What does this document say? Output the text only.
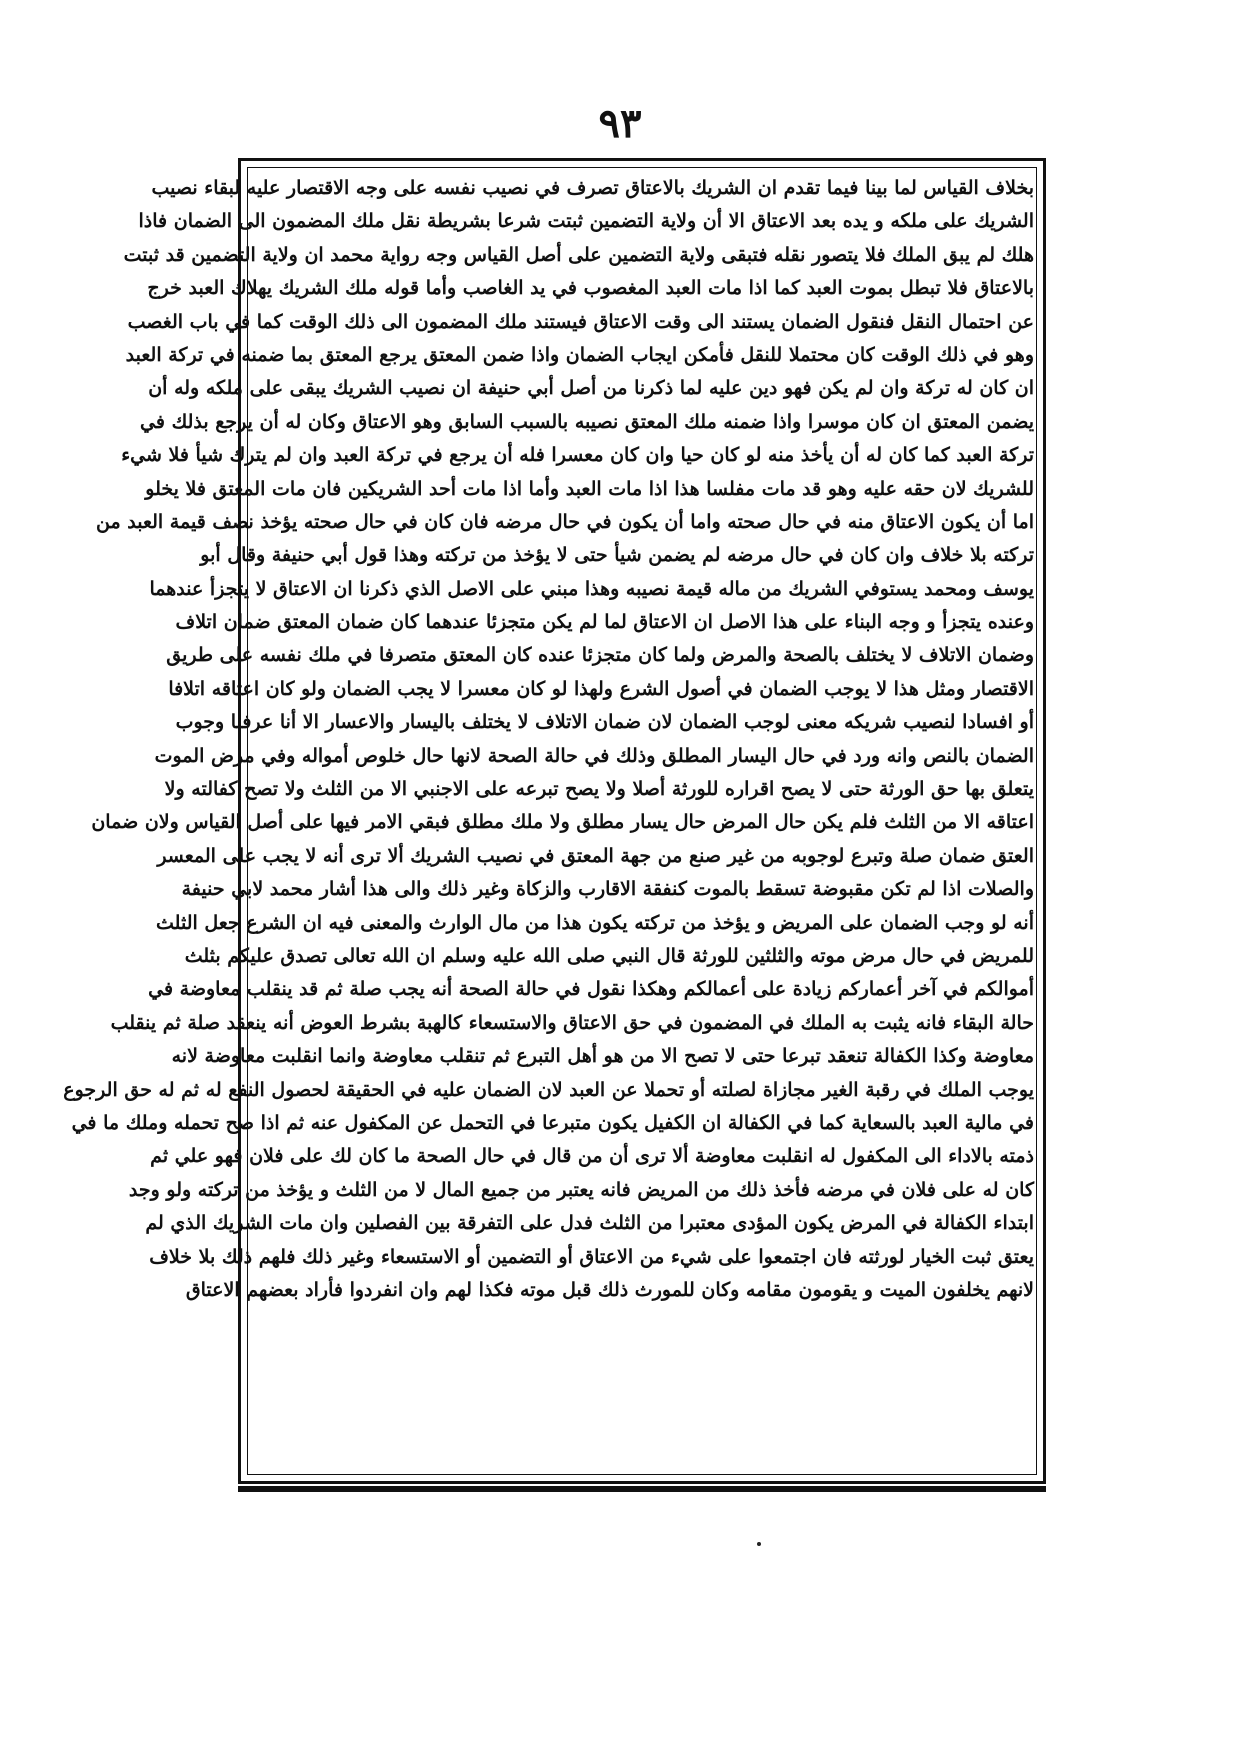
٩٣
بخلاف القياس لما بينا فيما تقدم ان الشريك بالاعتاق تصرف في نصيب نفسه على وجه الاقتصار عليه لبقاء نصيب
الشريك على ملكه و يده بعد الاعتاق الا أن ولاية التضمين ثبتت شرعا بشريطة نقل ملك المضمون الى الضمان فاذا
هلك لم يبق الملك فلا يتصور نقله فتبقى ولاية التضمين على أصل القياس وجه رواية محمد ان ولاية التضمين قد ثبتت
بالاعتاق فلا تبطل بموت العبد كما اذا مات العبد المغصوب في يد الغاصب وأما قوله ملك الشريك يهلاك العبد خرج
عن احتمال النقل فنقول الضمان يستند الى وقت الاعتاق فيستند ملك المضمون الى ذلك الوقت كما في باب الغصب
وهو في ذلك الوقت كان محتملا للنقل فأمكن ايجاب الضمان واذا ضمن المعتق يرجع المعتق بما ضمنه في تركة العبد
ان كان له تركة وان لم يكن فهو دين عليه لما ذكرنا من أصل أبي حنيفة ان نصيب الشريك يبقى على ملكه وله أن
يضمن المعتق ان كان موسرا واذا ضمنه ملك المعتق نصيبه بالسبب السابق وهو الاعتاق وكان له أن يرجع بذلك في
تركة العبد كما كان له أن يأخذ منه لو كان حيا وان كان معسرا فله أن يرجع في تركة العبد وان لم يترك شيأ فلا شيء
للشريك لان حقه عليه وهو قد مات مفلسا هذا اذا مات العبد وأما اذا مات أحد الشريكين فان مات المعتق فلا يخلو
اما أن يكون الاعتاق منه في حال صحته واما أن يكون في حال مرضه فان كان في حال صحته يؤخذ نصف قيمة العبد من
تركته بلا خلاف وان كان في حال مرضه لم يضمن شيأ حتى لا يؤخذ من تركته وهذا قول أبي حنيفة وقال أبو
يوسف ومحمد يستوفي الشريك من ماله قيمة نصيبه وهذا مبني على الاصل الذي ذكرنا ان الاعتاق لا يتجزأ عندهما
وعنده يتجزأ و وجه البناء على هذا الاصل ان الاعتاق لما لم يكن متجزئا عندهما كان ضمان المعتق ضمان اتلاف
وضمان الاتلاف لا يختلف بالصحة والمرض ولما كان متجزئا عنده كان المعتق متصرفا في ملك نفسه على طريق
الاقتصار ومثل هذا لا يوجب الضمان في أصول الشرع ولهذا لو كان معسرا لا يجب الضمان ولو كان اعتاقه اتلافا
أو افسادا لنصيب شريكه معنى لوجب الضمان لان ضمان الاتلاف لا يختلف باليسار والاعسار الا أنا عرفنا وجوب
الضمان بالنص وانه ورد في حال اليسار المطلق وذلك في حالة الصحة لانها حال خلوص أمواله وفي مرض الموت
يتعلق بها حق الورثة حتى لا يصح اقراره للورثة أصلا ولا يصح تبرعه على الاجنبي الا من الثلث ولا تصح كفالته ولا
اعتاقه الا من الثلث فلم يكن حال المرض حال يسار مطلق ولا ملك مطلق فبقي الامر فيها على أصل القياس ولان ضمان
العتق ضمان صلة وتبرع لوجوبه من غير صنع من جهة المعتق في نصيب الشريك ألا ترى أنه لا يجب على المعسر
والصلات اذا لم تكن مقبوضة تسقط بالموت كنفقة الاقارب والزكاة وغير ذلك والى هذا أشار محمد لابي حنيفة
أنه لو وجب الضمان على المريض و يؤخذ من تركته يكون هذا من مال الوارث والمعنى فيه ان الشرع جعل الثلث
للمريض في حال مرض موته والثلثين للورثة قال النبي صلى الله عليه وسلم ان الله تعالى تصدق عليكم بثلث
أموالكم في آخر أعماركم زيادة على أعمالكم وهكذا نقول في حالة الصحة أنه يجب صلة ثم قد ينقلب معاوضة في
حالة البقاء فانه يثبت به الملك في المضمون في حق الاعتاق والاستسعاء كالهبة بشرط العوض أنه ينعقد صلة ثم ينقلب
معاوضة وكذا الكفالة تنعقد تبرعا حتى لا تصح الا من هو أهل التبرع ثم تنقلب معاوضة وانما انقلبت معاوضة لانه
يوجب الملك في رقبة الغير مجازاة لصلته أو تحملا عن العبد لان الضمان عليه في الحقيقة لحصول النفع له ثم له حق الرجوع
في مالية العبد بالسعاية كما في الكفالة ان الكفيل يكون متبرعا في التحمل عن المكفول عنه ثم اذا صح تحمله وملك ما في
ذمته بالاداء الى المكفول له انقلبت معاوضة ألا ترى أن من قال في حال الصحة ما كان لك على فلان فهو علي ثم
كان له على فلان في مرضه فأخذ ذلك من المريض فانه يعتبر من جميع المال لا من الثلث و يؤخذ من تركته ولو وجد
ابتداء الكفالة في المرض يكون المؤدى معتبرا من الثلث فدل على التفرقة بين الفصلين وان مات الشريك الذي لم
يعتق ثبت الخيار لورثته فان اجتمعوا على شيء من الاعتاق أو التضمين أو الاستسعاء وغير ذلك فلهم ذلك بلا خلاف
لانهم يخلفون الميت و يقومون مقامه وكان للمورث ذلك قبل موته فكذا لهم وان انفردوا فأراد بعضهم الاعتاق
